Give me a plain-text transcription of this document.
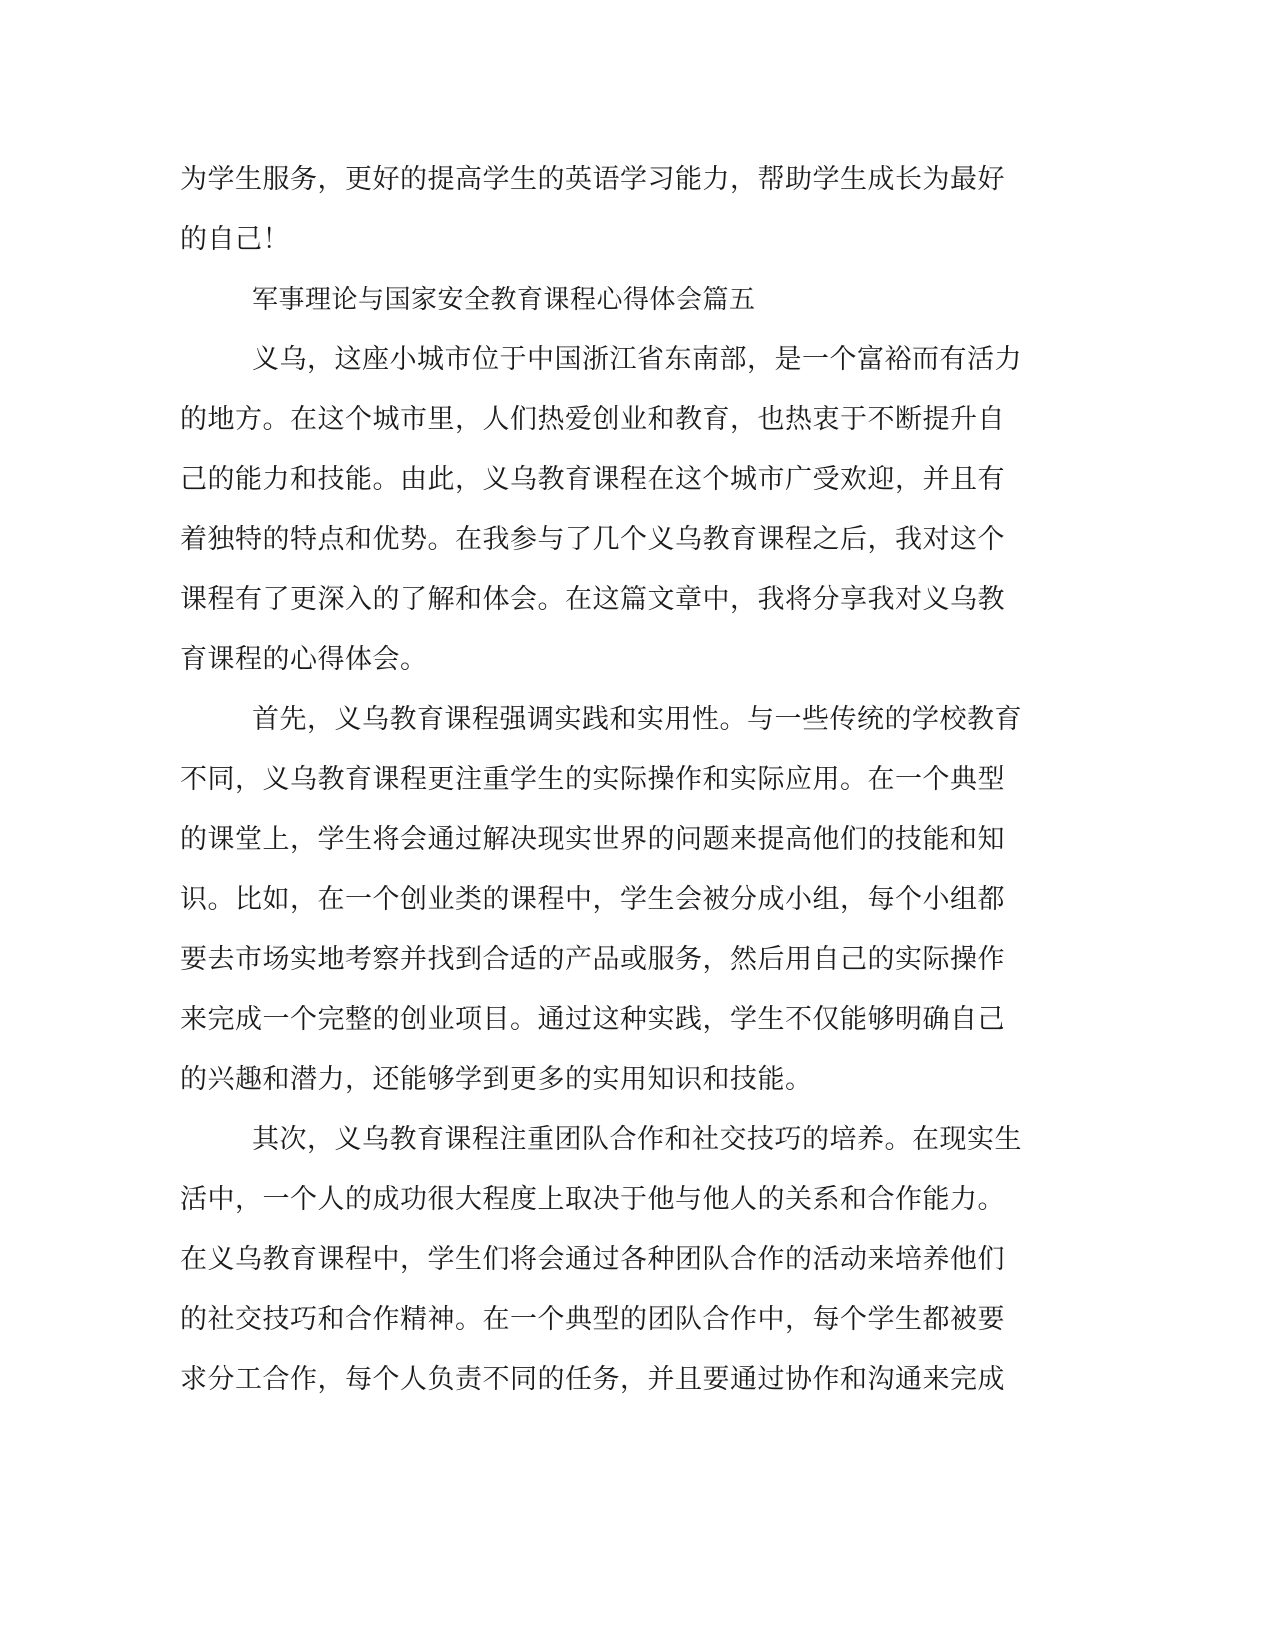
为学生服务，更好的提高学生的英语学习能力，帮助学生成长为最好
的自己！
军事理论与国家安全教育课程心得体会篇五
义乌，这座小城市位于中国浙江省东南部，是一个富裕而有活力
的地方。在这个城市里，人们热爱创业和教育，也热衷于不断提升自
己的能力和技能。由此，义乌教育课程在这个城市广受欢迎，并且有
着独特的特点和优势。在我参与了几个义乌教育课程之后，我对这个
课程有了更深入的了解和体会。在这篇文章中，我将分享我对义乌教
育课程的心得体会。
首先，义乌教育课程强调实践和实用性。与一些传统的学校教育
不同，义乌教育课程更注重学生的实际操作和实际应用。在一个典型
的课堂上，学生将会通过解决现实世界的问题来提高他们的技能和知
识。比如，在一个创业类的课程中，学生会被分成小组，每个小组都
要去市场实地考察并找到合适的产品或服务，然后用自己的实际操作
来完成一个完整的创业项目。通过这种实践，学生不仅能够明确自己
的兴趣和潜力，还能够学到更多的实用知识和技能。
其次，义乌教育课程注重团队合作和社交技巧的培养。在现实生
活中，一个人的成功很大程度上取决于他与他人的关系和合作能力。
在义乌教育课程中，学生们将会通过各种团队合作的活动来培养他们
的社交技巧和合作精神。在一个典型的团队合作中，每个学生都被要
求分工合作，每个人负责不同的任务，并且要通过协作和沟通来完成
